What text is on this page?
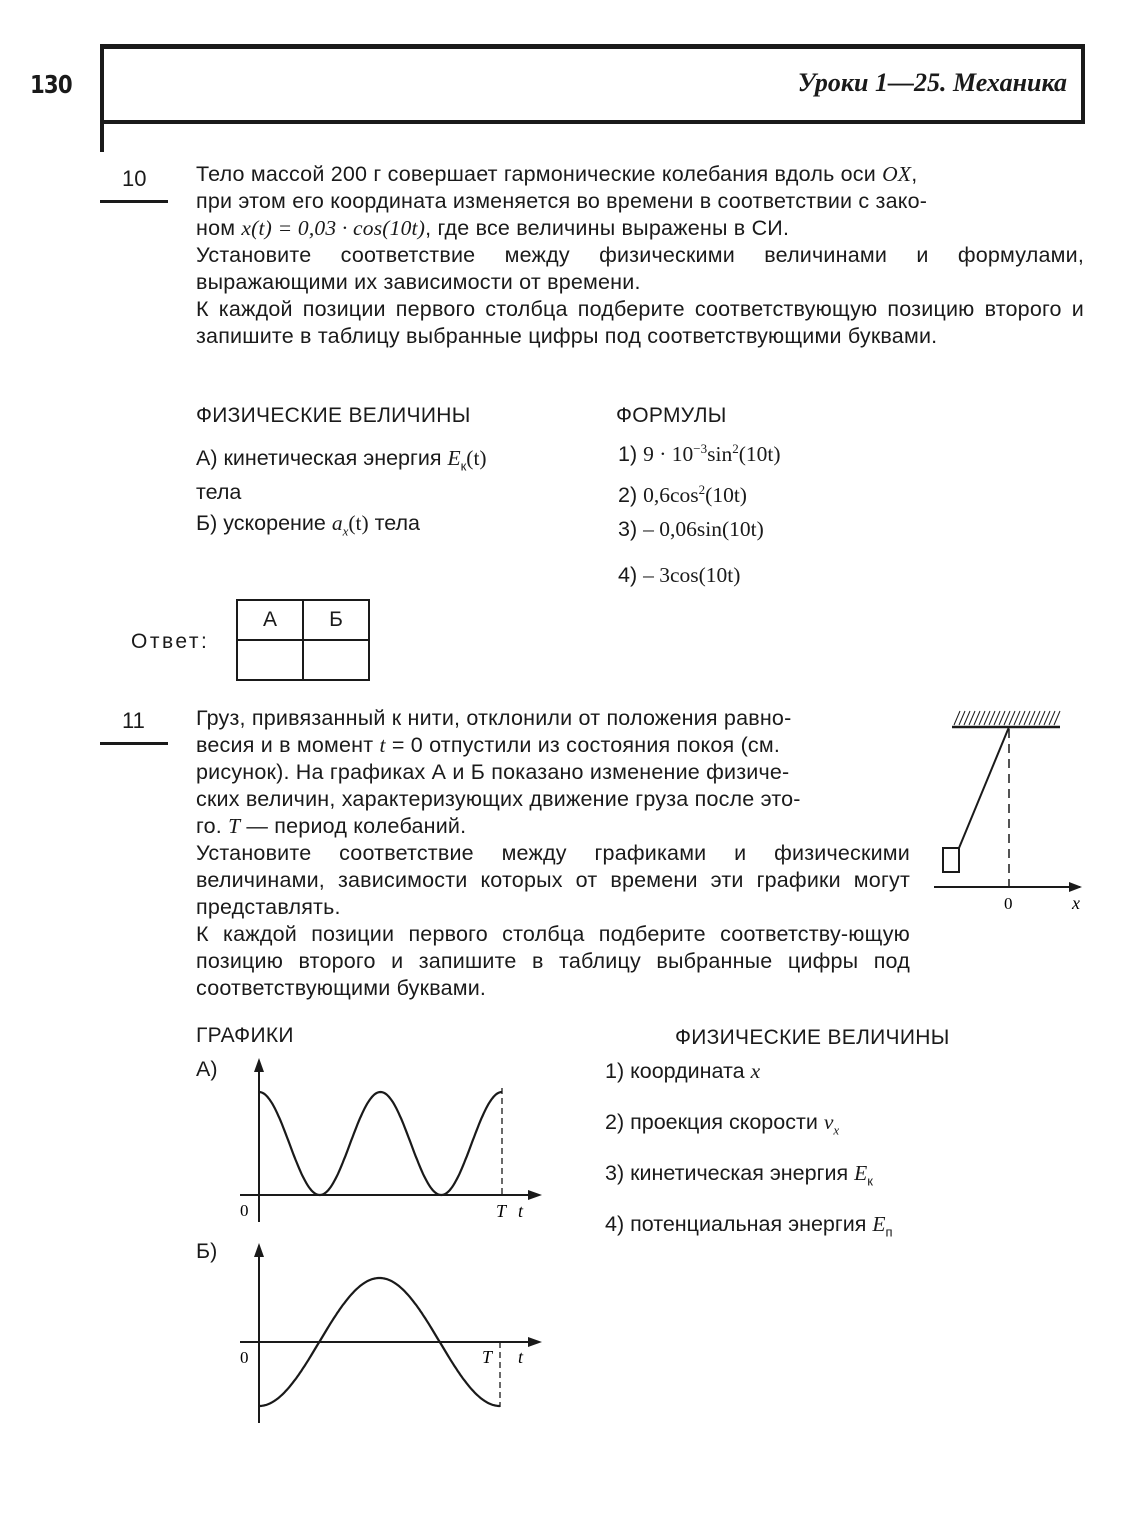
130	Уроки 1—25. Механика
10 Тело массой 200 г совершает гармонические колебания вдоль оси OX,

при этом его координата изменяется во времени в соответствии с зако-

ном x(t) = 0,03 · cos(10t), где все величины выражены в СИ.

Установите соответствие между физическими величинами и формулами, выражающими их зависимости от времени.

К каждой позиции первого столбца подберите соответствующую позицию второго и запишите в таблицу выбранные цифры под соответствующими буквами.

ФИЗИЧЕСКИЕ ВЕЛИЧИНЫ	ФОРМУЛЫ
А) кинетическая энергия $E_к(t)$
тела
Б) ускорение $a_x(t)$ тела
1) $9 \cdot 10^{-3}\sin^2(10t)$
2) $0,6\cos^2(10t)$
3) – 0,06sin(10t)
4) – 3cos(10t)
Ответ:
А	Б

11 Груз, привязанный к нити, отклонили от положения равно-

весия и в момент t = 0 отпустили из состояния покоя (см.

рисунок). На графиках А и Б показано изменение физиче-

ских величин, характеризующих движение груза после это-

го. T — период колебаний.

Установите соответствие между графиками и физическими величинами, зависимости которых от времени эти графики могут представлять.

К каждой позиции первого столбца подберите соответству-ющую позицию второго и запишите в таблицу выбранные цифры под соответствующими буквами.

0	x
ГРАФИКИ	ФИЗИЧЕСКИЕ ВЕЛИЧИНЫ
А)
0	T t
Б)
0	T t
1) координата x
2) проекция скорости $v_x$
3) кинетическая энергия $E_к$
4) потенциальная энергия $E_п$
